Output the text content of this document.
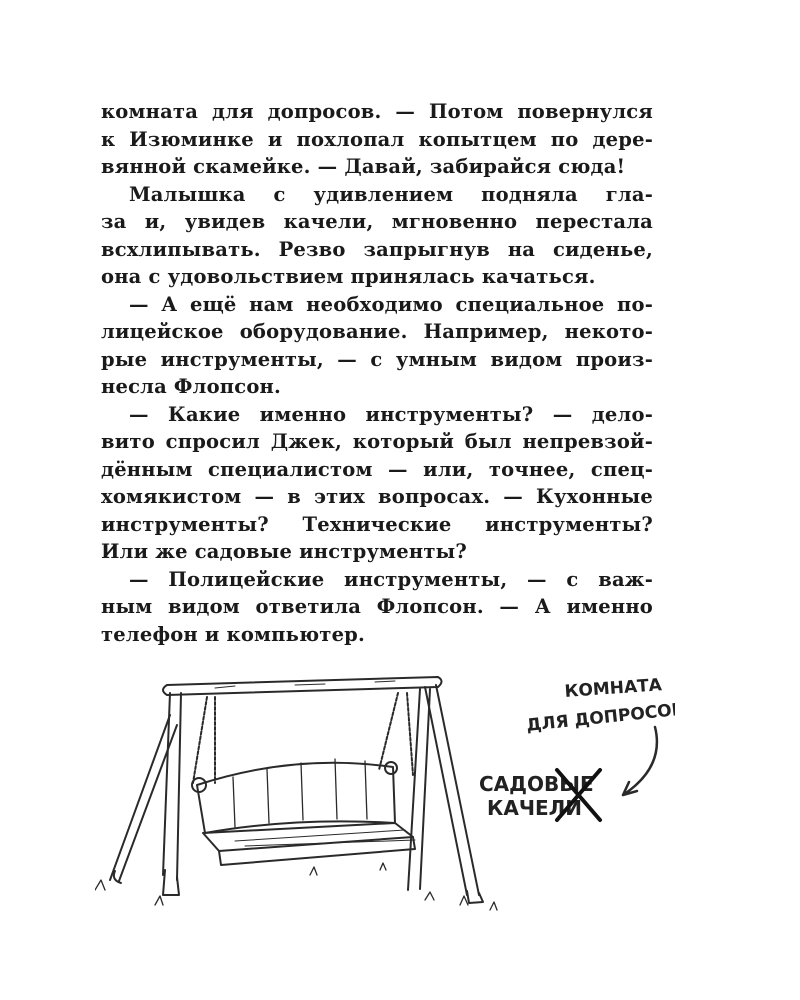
комната для допросов. — Потом повернулся
к Изюминке и похлопал копытцем по дере-
вянной скамейке. — Давай, забирайся сюда!

Малышка с удивлением подняла гла-
за и, увидев качели, мгновенно перестала
всхлипывать. Резво запрыгнув на сиденье,
она с удовольствием принялась качаться.

— А ещё нам необходимо специальное по-
лицейское оборудование. Например, некото-
рые инструменты, — с умным видом произ-
несла Флопсон.

— Какие именно инструменты? — дело-
вито спросил Джек, который был непревзой-
дённым специалистом — или, точнее, спец-
хомякистом — в этих вопросах. — Кухонные
инструменты? Технические инструменты?
Или же садовые инструменты?

— Полицейские инструменты, — с важ-
ным видом ответила Флопсон. — А именно
телефон и компьютер.

КОМНАТА
ДЛЯ ДОПРОСОВ
САДОВЫЕ
КАЧЕЛИ
